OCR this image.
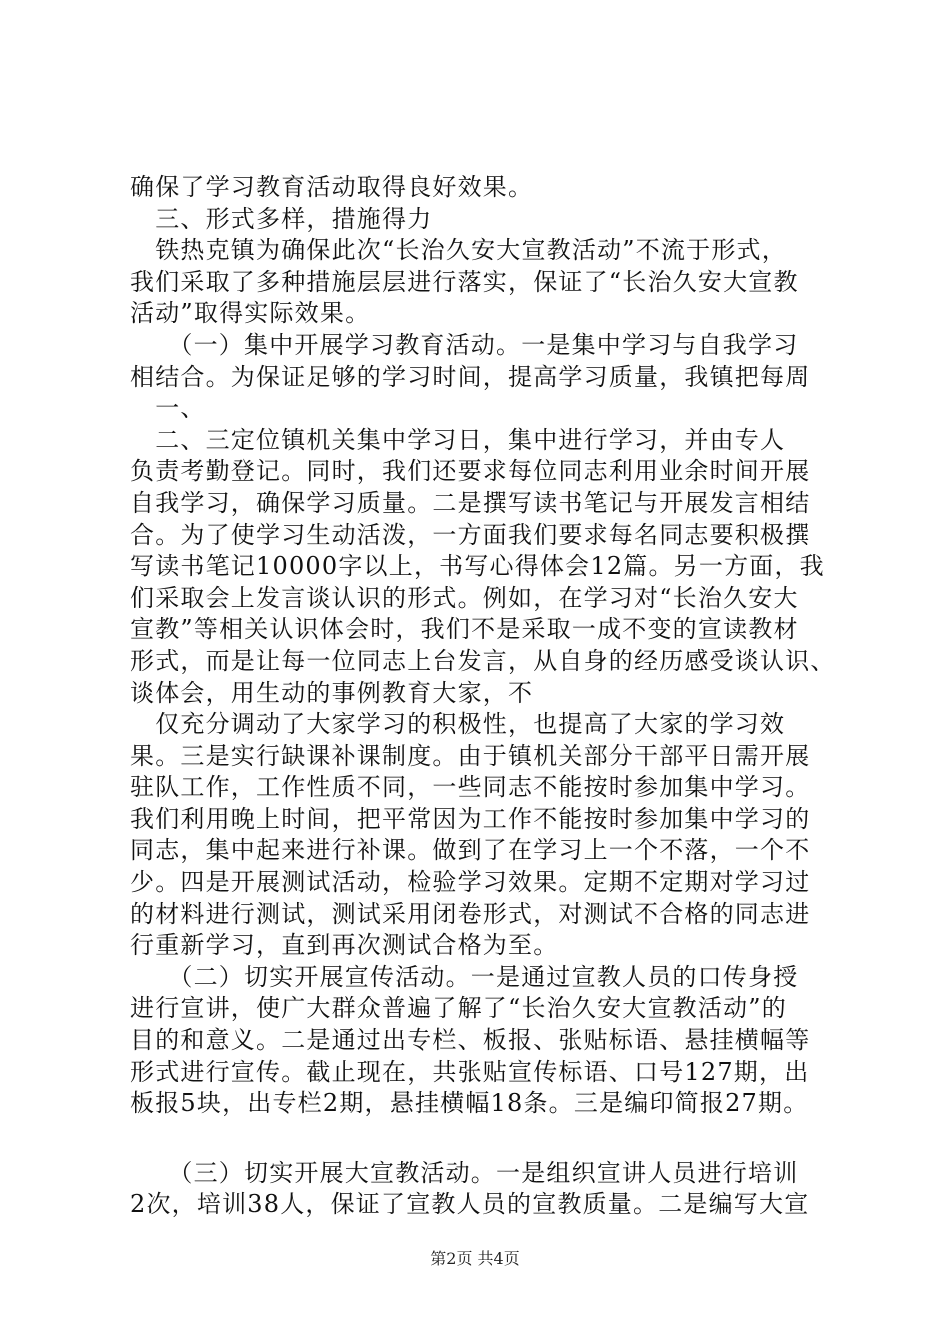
确保了学习教育活动取得良好效果。
　三、形式多样，措施得力
　铁热克镇为确保此次“长治久安大宣教活动”不流于形式，
我们采取了多种措施层层进行落实，保证了“长治久安大宣教
活动”取得实际效果。
　　（一）集中开展学习教育活动。一是集中学习与自我学习
相结合。为保证足够的学习时间，提高学习质量，我镇把每周
　一、
　二、三定位镇机关集中学习日，集中进行学习，并由专人
负责考勤登记。同时，我们还要求每位同志利用业余时间开展
自我学习，确保学习质量。二是撰写读书笔记与开展发言相结
合。为了使学习生动活泼，一方面我们要求每名同志要积极撰
写读书笔记10000字以上，书写心得体会12篇。另一方面，我
们采取会上发言谈认识的形式。例如，在学习对“长治久安大
宣教”等相关认识体会时，我们不是采取一成不变的宣读教材
形式，而是让每一位同志上台发言，从自身的经历感受谈认识、
谈体会，用生动的事例教育大家，不
　仅充分调动了大家学习的积极性，也提高了大家的学习效
果。三是实行缺课补课制度。由于镇机关部分干部平日需开展
驻队工作，工作性质不同，一些同志不能按时参加集中学习。
我们利用晚上时间，把平常因为工作不能按时参加集中学习的
同志，集中起来进行补课。做到了在学习上一个不落，一个不
少。四是开展测试活动，检验学习效果。定期不定期对学习过
的材料进行测试，测试采用闭卷形式，对测试不合格的同志进
行重新学习，直到再次测试合格为至。
　　（二）切实开展宣传活动。一是通过宣教人员的口传身授
进行宣讲，使广大群众普遍了解了“长治久安大宣教活动”的
目的和意义。二是通过出专栏、板报、张贴标语、悬挂横幅等
形式进行宣传。截止现在，共张贴宣传标语、口号127期，出
板报5块，出专栏2期，悬挂横幅18条。三是编印简报27期。
　　（三）切实开展大宣教活动。一是组织宣讲人员进行培训
2次，培训38人，保证了宣教人员的宣教质量。二是编写大宣
第2页 共4页
